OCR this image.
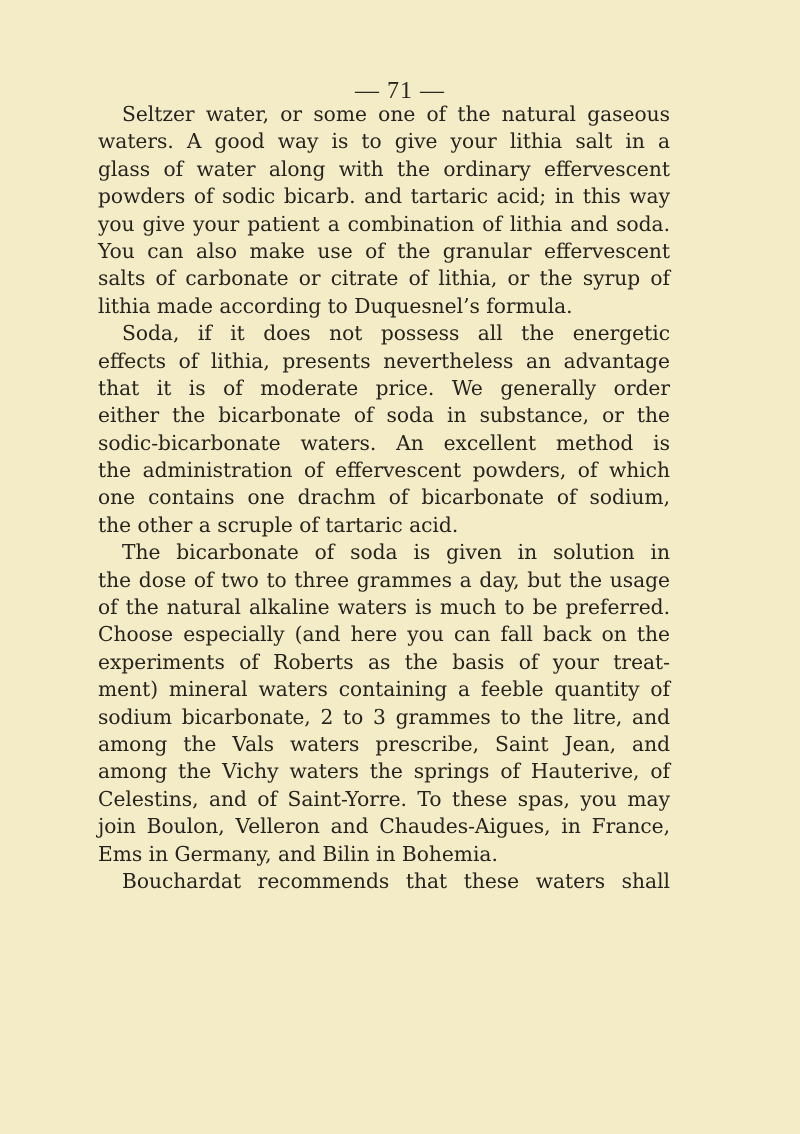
— 71 —
Seltzer water, or some one of the natural gaseous
waters. A good way is to give your lithia salt in a
glass of water along with the ordinary effervescent
powders of sodic bicarb. and tartaric acid; in this way
you give your patient a combination of lithia and soda.
You can also make use of the granular effervescent
salts of carbonate or citrate of lithia, or the syrup of
lithia made according to Duquesnel’s formula.
Soda, if it does not possess all the energetic
effects of lithia, presents nevertheless an advantage
that it is of moderate price. We generally order
either the bicarbonate of soda in substance, or the
sodic-bicarbonate waters. An excellent method is
the administration of effervescent powders, of which
one contains one drachm of bicarbonate of sodium,
the other a scruple of tartaric acid.
The bicarbonate of soda is given in solution in
the dose of two to three grammes a day, but the usage
of the natural alkaline waters is much to be preferred.
Choose especially (and here you can fall back on the
experiments of Roberts as the basis of your treat-
ment) mineral waters containing a feeble quantity of
sodium bicarbonate, 2 to 3 grammes to the litre, and
among the Vals waters prescribe, Saint Jean, and
among the Vichy waters the springs of Hauterive, of
Celestins, and of Saint-Yorre. To these spas, you may
join Boulon, Velleron and Chaudes-Aigues, in France,
Ems in Germany, and Bilin in Bohemia.
Bouchardat recommends that these waters shall
